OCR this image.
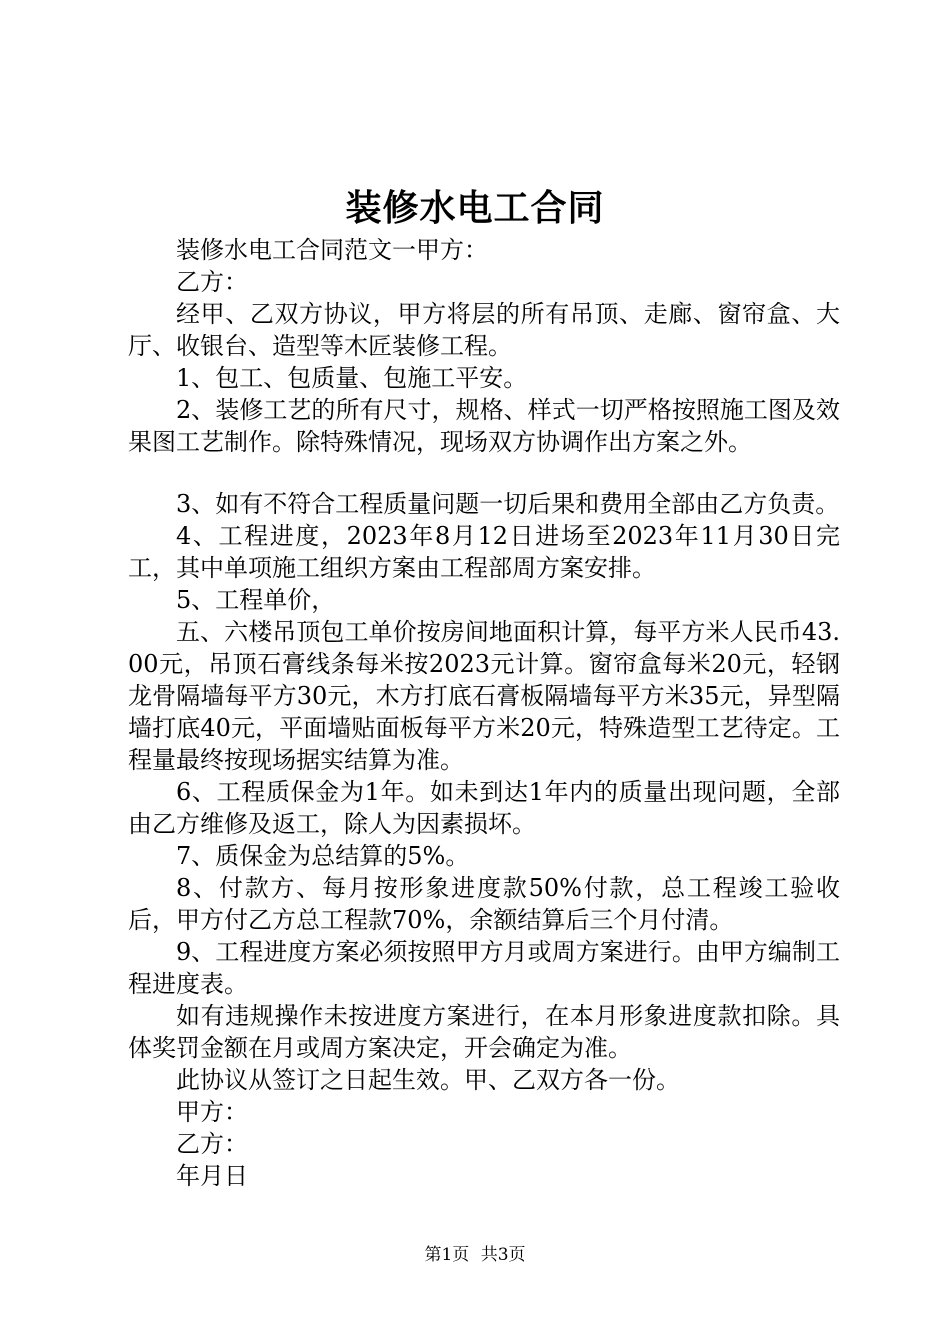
装修水电工合同

装修水电工合同范文一甲方：

乙方：

经甲、乙双方协议，甲方将层的所有吊顶、走廊、窗帘盒、大厅、收银台、造型等木匠装修工程。

1、包工、包质量、包施工平安。

2、装修工艺的所有尺寸，规格、样式一切严格按照施工图及效果图工艺制作。除特殊情况，现场双方协调作出方案之外。

3、如有不符合工程质量问题一切后果和费用全部由乙方负责。

4、工程进度，2023年8月12日进场至2023年11月30日完工，其中单项施工组织方案由工程部周方案安排。

5、工程单价，

五、六楼吊顶包工单价按房间地面积计算，每平方米人民币43.00元，吊顶石膏线条每米按2023元计算。窗帘盒每米20元，轻钢龙骨隔墙每平方30元，木方打底石膏板隔墙每平方米35元，异型隔墙打底40元，平面墙贴面板每平方米20元，特殊造型工艺待定。工程量最终按现场据实结算为准。

6、工程质保金为1年。如未到达1年内的质量出现问题，全部由乙方维修及返工，除人为因素损坏。

7、质保金为总结算的5%。

8、付款方、每月按形象进度款50%付款，总工程竣工验收后，甲方付乙方总工程款70%，余额结算后三个月付清。

9、工程进度方案必须按照甲方月或周方案进行。由甲方编制工程进度表。

如有违规操作未按进度方案进行，在本月形象进度款扣除。具体奖罚金额在月或周方案决定，开会确定为准。

此协议从签订之日起生效。甲、乙双方各一份。

甲方：

乙方：

年月日

第1页 共3页
